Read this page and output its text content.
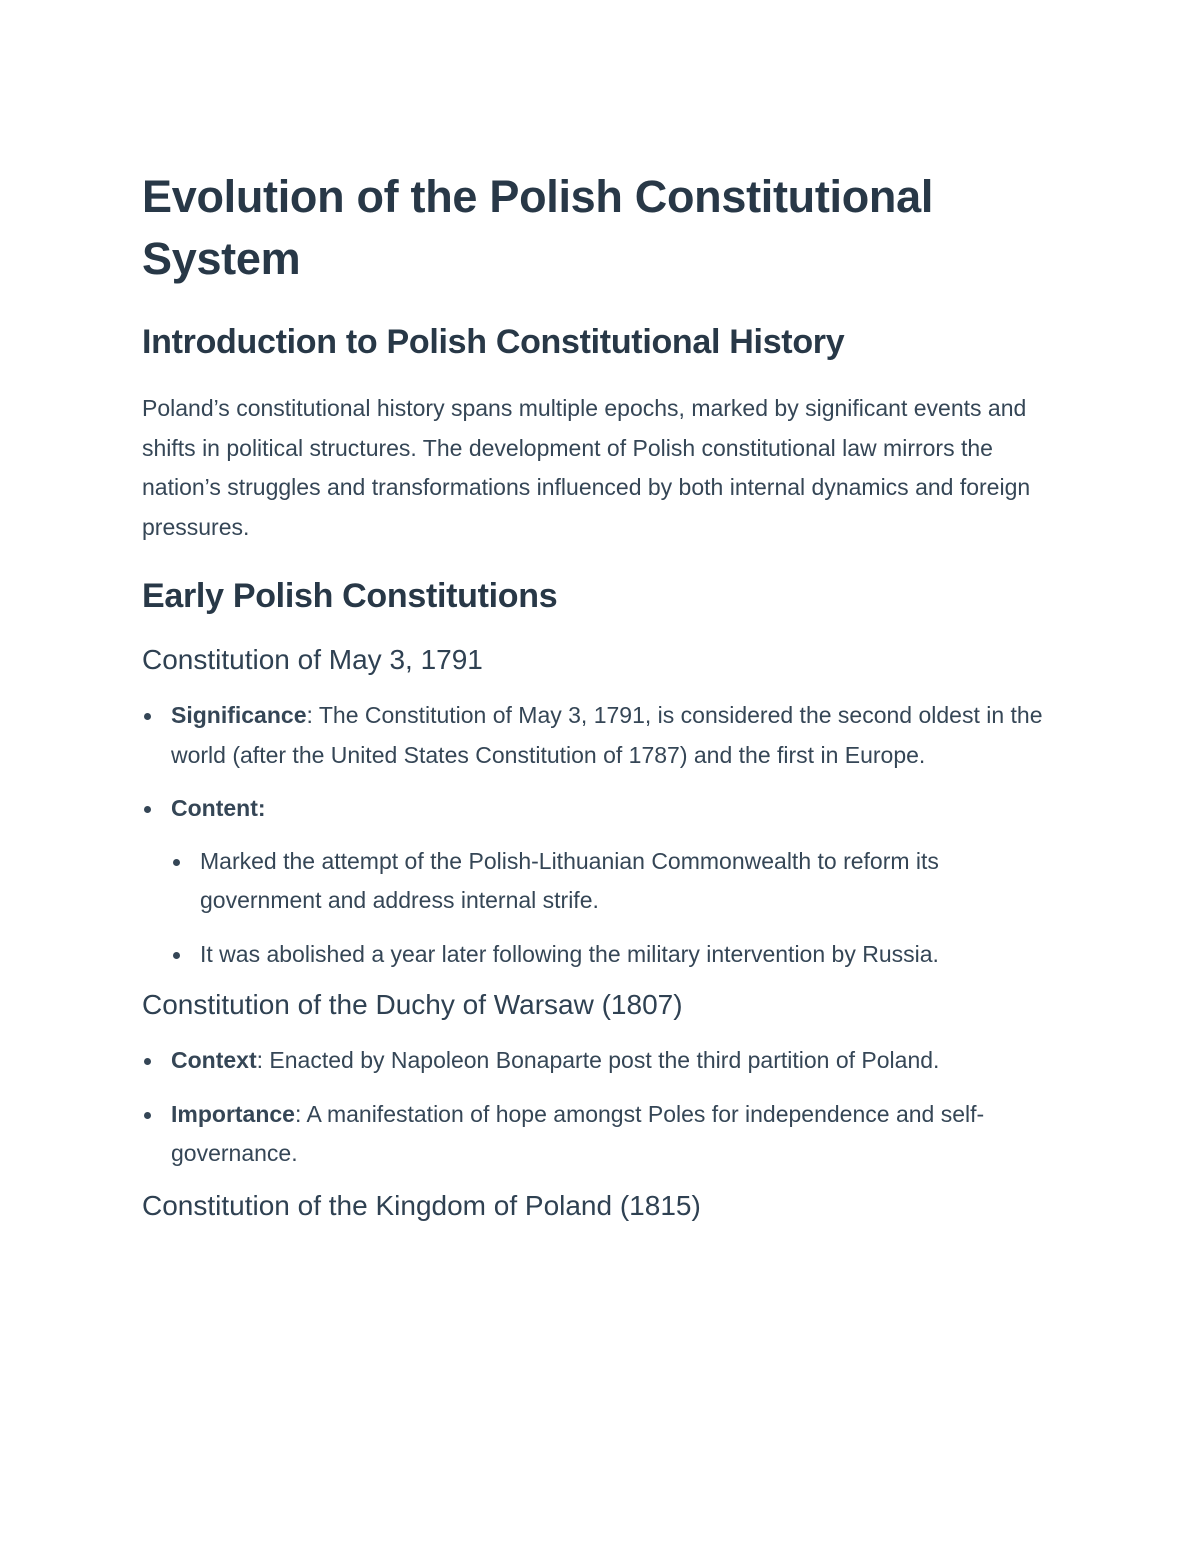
Evolution of the Polish Constitutional System
Introduction to Polish Constitutional History

Poland’s constitutional history spans multiple epochs, marked by significant events and shifts in political structures. The development of Polish constitutional law mirrors the nation’s struggles and transformations influenced by both internal dynamics and foreign pressures.

Early Polish Constitutions
Constitution of May 3, 1791
Significance: The Constitution of May 3, 1791, is considered the second oldest in the world (after the United States Constitution of 1787) and the first in Europe.
Content:
Marked the attempt of the Polish-Lithuanian Commonwealth to reform its government and address internal strife.
It was abolished a year later following the military intervention by Russia.
Constitution of the Duchy of Warsaw (1807)
Context: Enacted by Napoleon Bonaparte post the third partition of Poland.
Importance: A manifestation of hope amongst Poles for independence and self-governance.
Constitution of the Kingdom of Poland (1815)
